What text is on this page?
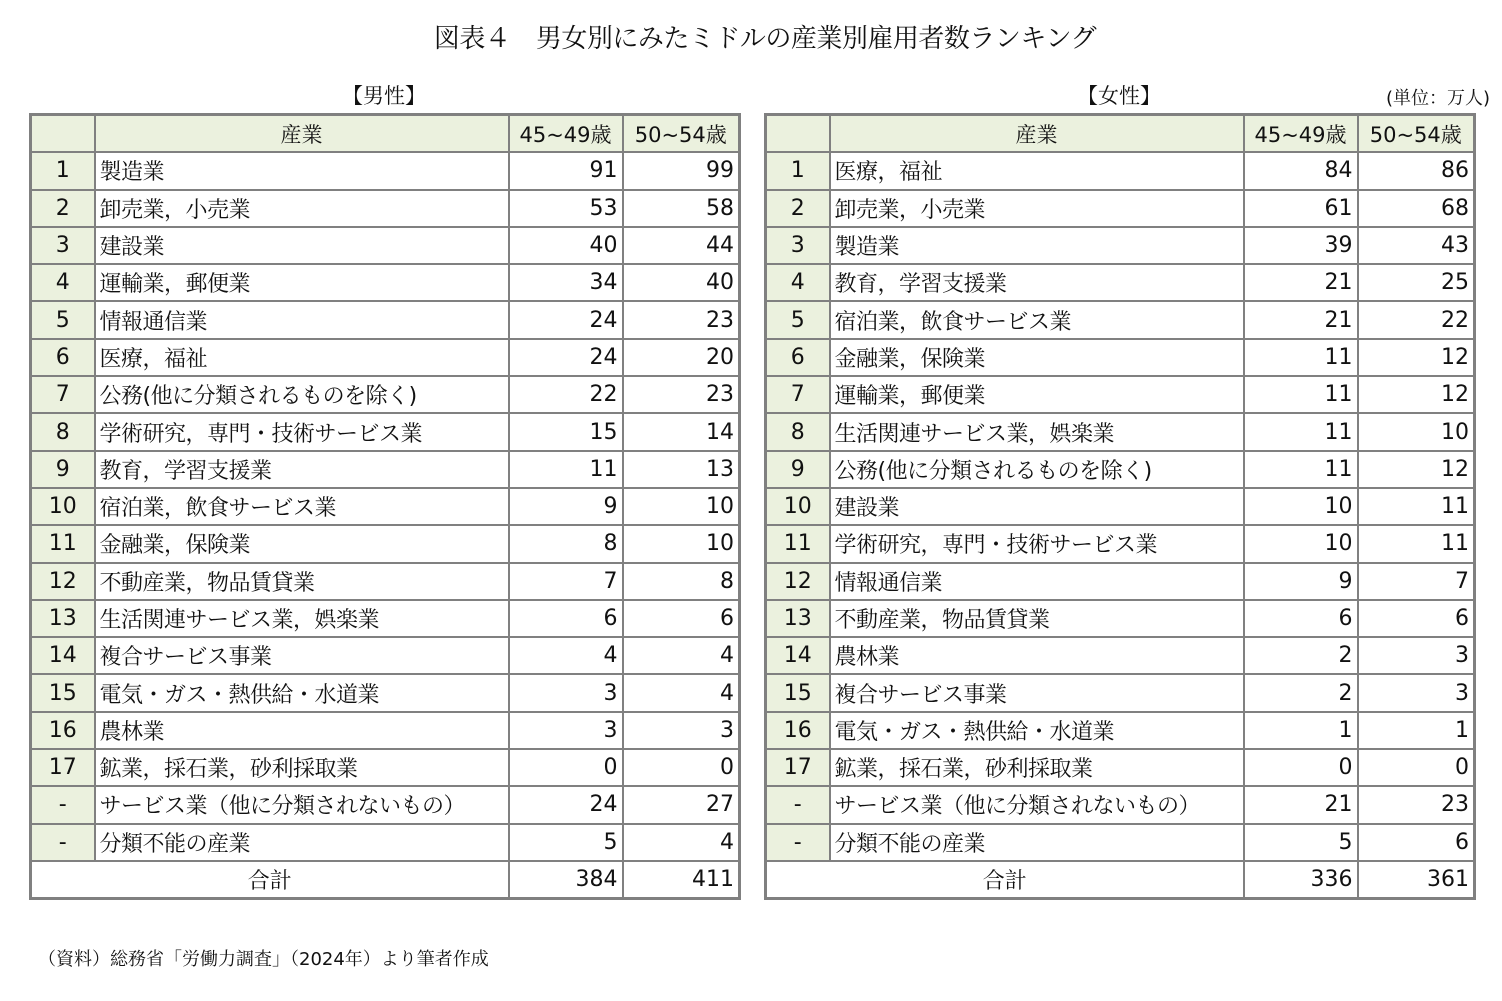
図表４　男女別にみたミドルの産業別雇用者数ランキング
【男性】	【女性】	(単位：万人)
	産業	45~49歳	50~54歳
1	製造業	91	99
2	卸売業，小売業	53	58
3	建設業	40	44
4	運輸業，郵便業	34	40
5	情報通信業	24	23
6	医療，福祉	24	20
7	公務(他に分類されるものを除く)	22	23
8	学術研究，専門・技術サービス業	15	14
9	教育，学習支援業	11	13
10	宿泊業，飲食サービス業	9	10
11	金融業，保険業	8	10
12	不動産業，物品賃貸業	7	8
13	生活関連サービス業，娯楽業	6	6
14	複合サービス事業	4	4
15	電気・ガス・熱供給・水道業	3	4
16	農林業	3	3
17	鉱業，採石業，砂利採取業	0	0
-	サービス業（他に分類されないもの）	24	27
-	分類不能の産業	5	4
合計		384	411
	産業	45~49歳	50~54歳
1	医療，福祉	84	86
2	卸売業，小売業	61	68
3	製造業	39	43
4	教育，学習支援業	21	25
5	宿泊業，飲食サービス業	21	22
6	金融業，保険業	11	12
7	運輸業，郵便業	11	12
8	生活関連サービス業，娯楽業	11	10
9	公務(他に分類されるものを除く)	11	12
10	建設業	10	11
11	学術研究，専門・技術サービス業	10	11
12	情報通信業	9	7
13	不動産業，物品賃貸業	6	6
14	農林業	2	3
15	複合サービス事業	2	3
16	電気・ガス・熱供給・水道業	1	1
17	鉱業，採石業，砂利採取業	0	0
-	サービス業（他に分類されないもの）	21	23
-	分類不能の産業	5	6
合計		336	361
（資料）総務省「労働力調査」（2024年）より筆者作成
